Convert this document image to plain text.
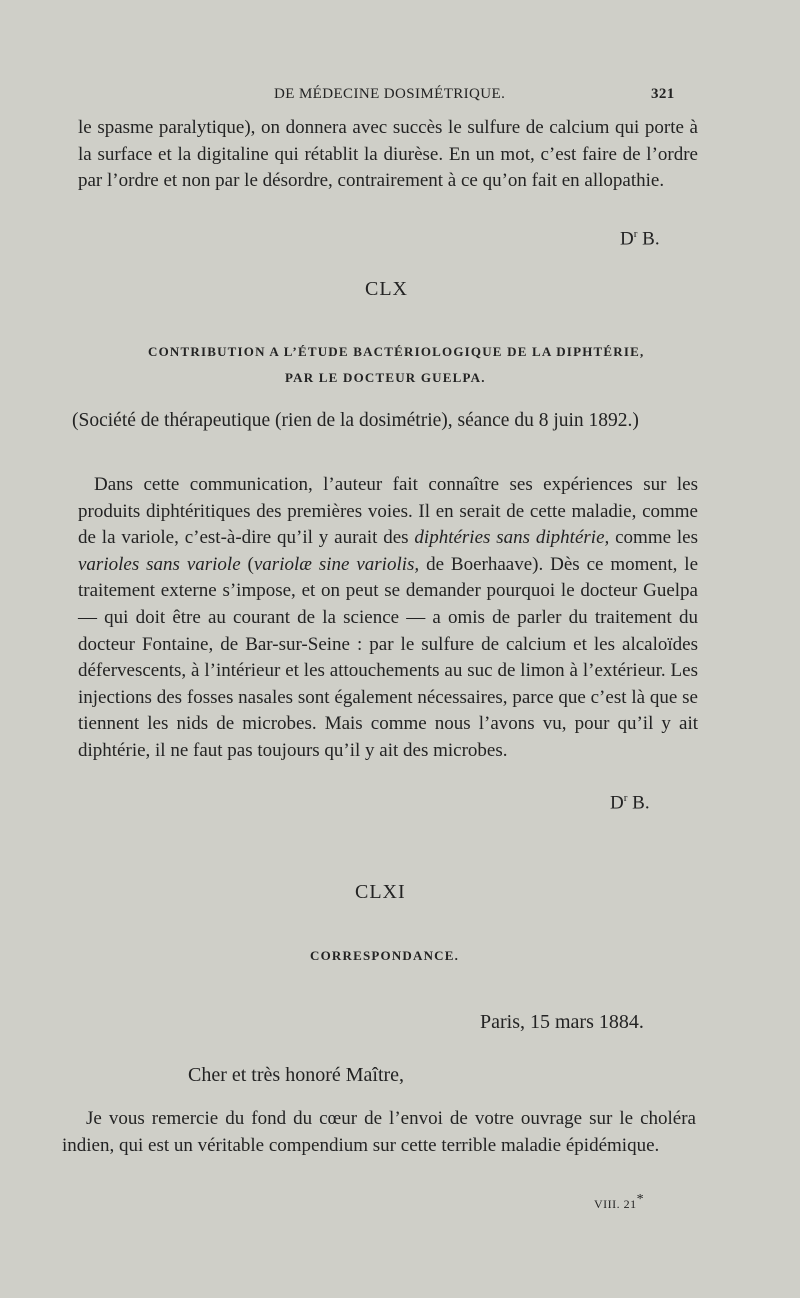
DE MÉDECINE DOSIMÉTRIQUE.	321

le spasme paralytique), on donnera avec succès le sulfure de calcium qui porte à la surface et la digitaline qui rétablit la diurèse. En un mot, c’est faire de l’ordre par l’ordre et non par le désordre, contrairement à ce qu’on fait en allopathie.

$D^r$ B.
CLX
CONTRIBUTION A L’ÉTUDE BACTÉRIOLOGIQUE DE LA DIPHTÉRIE,
PAR LE DOCTEUR GUELPA.
(Société de thérapeutique (rien de la dosimétrie), séance du 8 juin 1892.)

Dans cette communication, l’auteur fait connaître ses expériences sur les produits diphtéritiques des premières voies. Il en serait de cette maladie, comme de la variole, c’est-à-dire qu’il y aurait des diphtéries sans diphtérie, comme les varioles sans variole (variolæ sine variolis, de Boerhaave). Dès ce moment, le traitement externe s’impose, et on peut se demander pourquoi le docteur Guelpa — qui doit être au courant de la science — a omis de parler du traitement du docteur Fontaine, de Bar-sur-Seine : par le sulfure de calcium et les alcaloïdes défervescents, à l’intérieur et les attouchements au suc de limon à l’extérieur. Les injections des fosses nasales sont également nécessaires, parce que c’est là que se tiennent les nids de microbes. Mais comme nous l’avons vu, pour qu’il y ait diphtérie, il ne faut pas toujours qu’il y ait des microbes.

$D^r$ B.
CLXI
CORRESPONDANCE.
Paris, 15 mars 1884.
Cher et très honoré Maître,

Je vous remercie du fond du cœur de l’envoi de votre ouvrage sur le choléra indien, qui est un véritable compendium sur cette terrible maladie épidémique.

VIII. 21*
